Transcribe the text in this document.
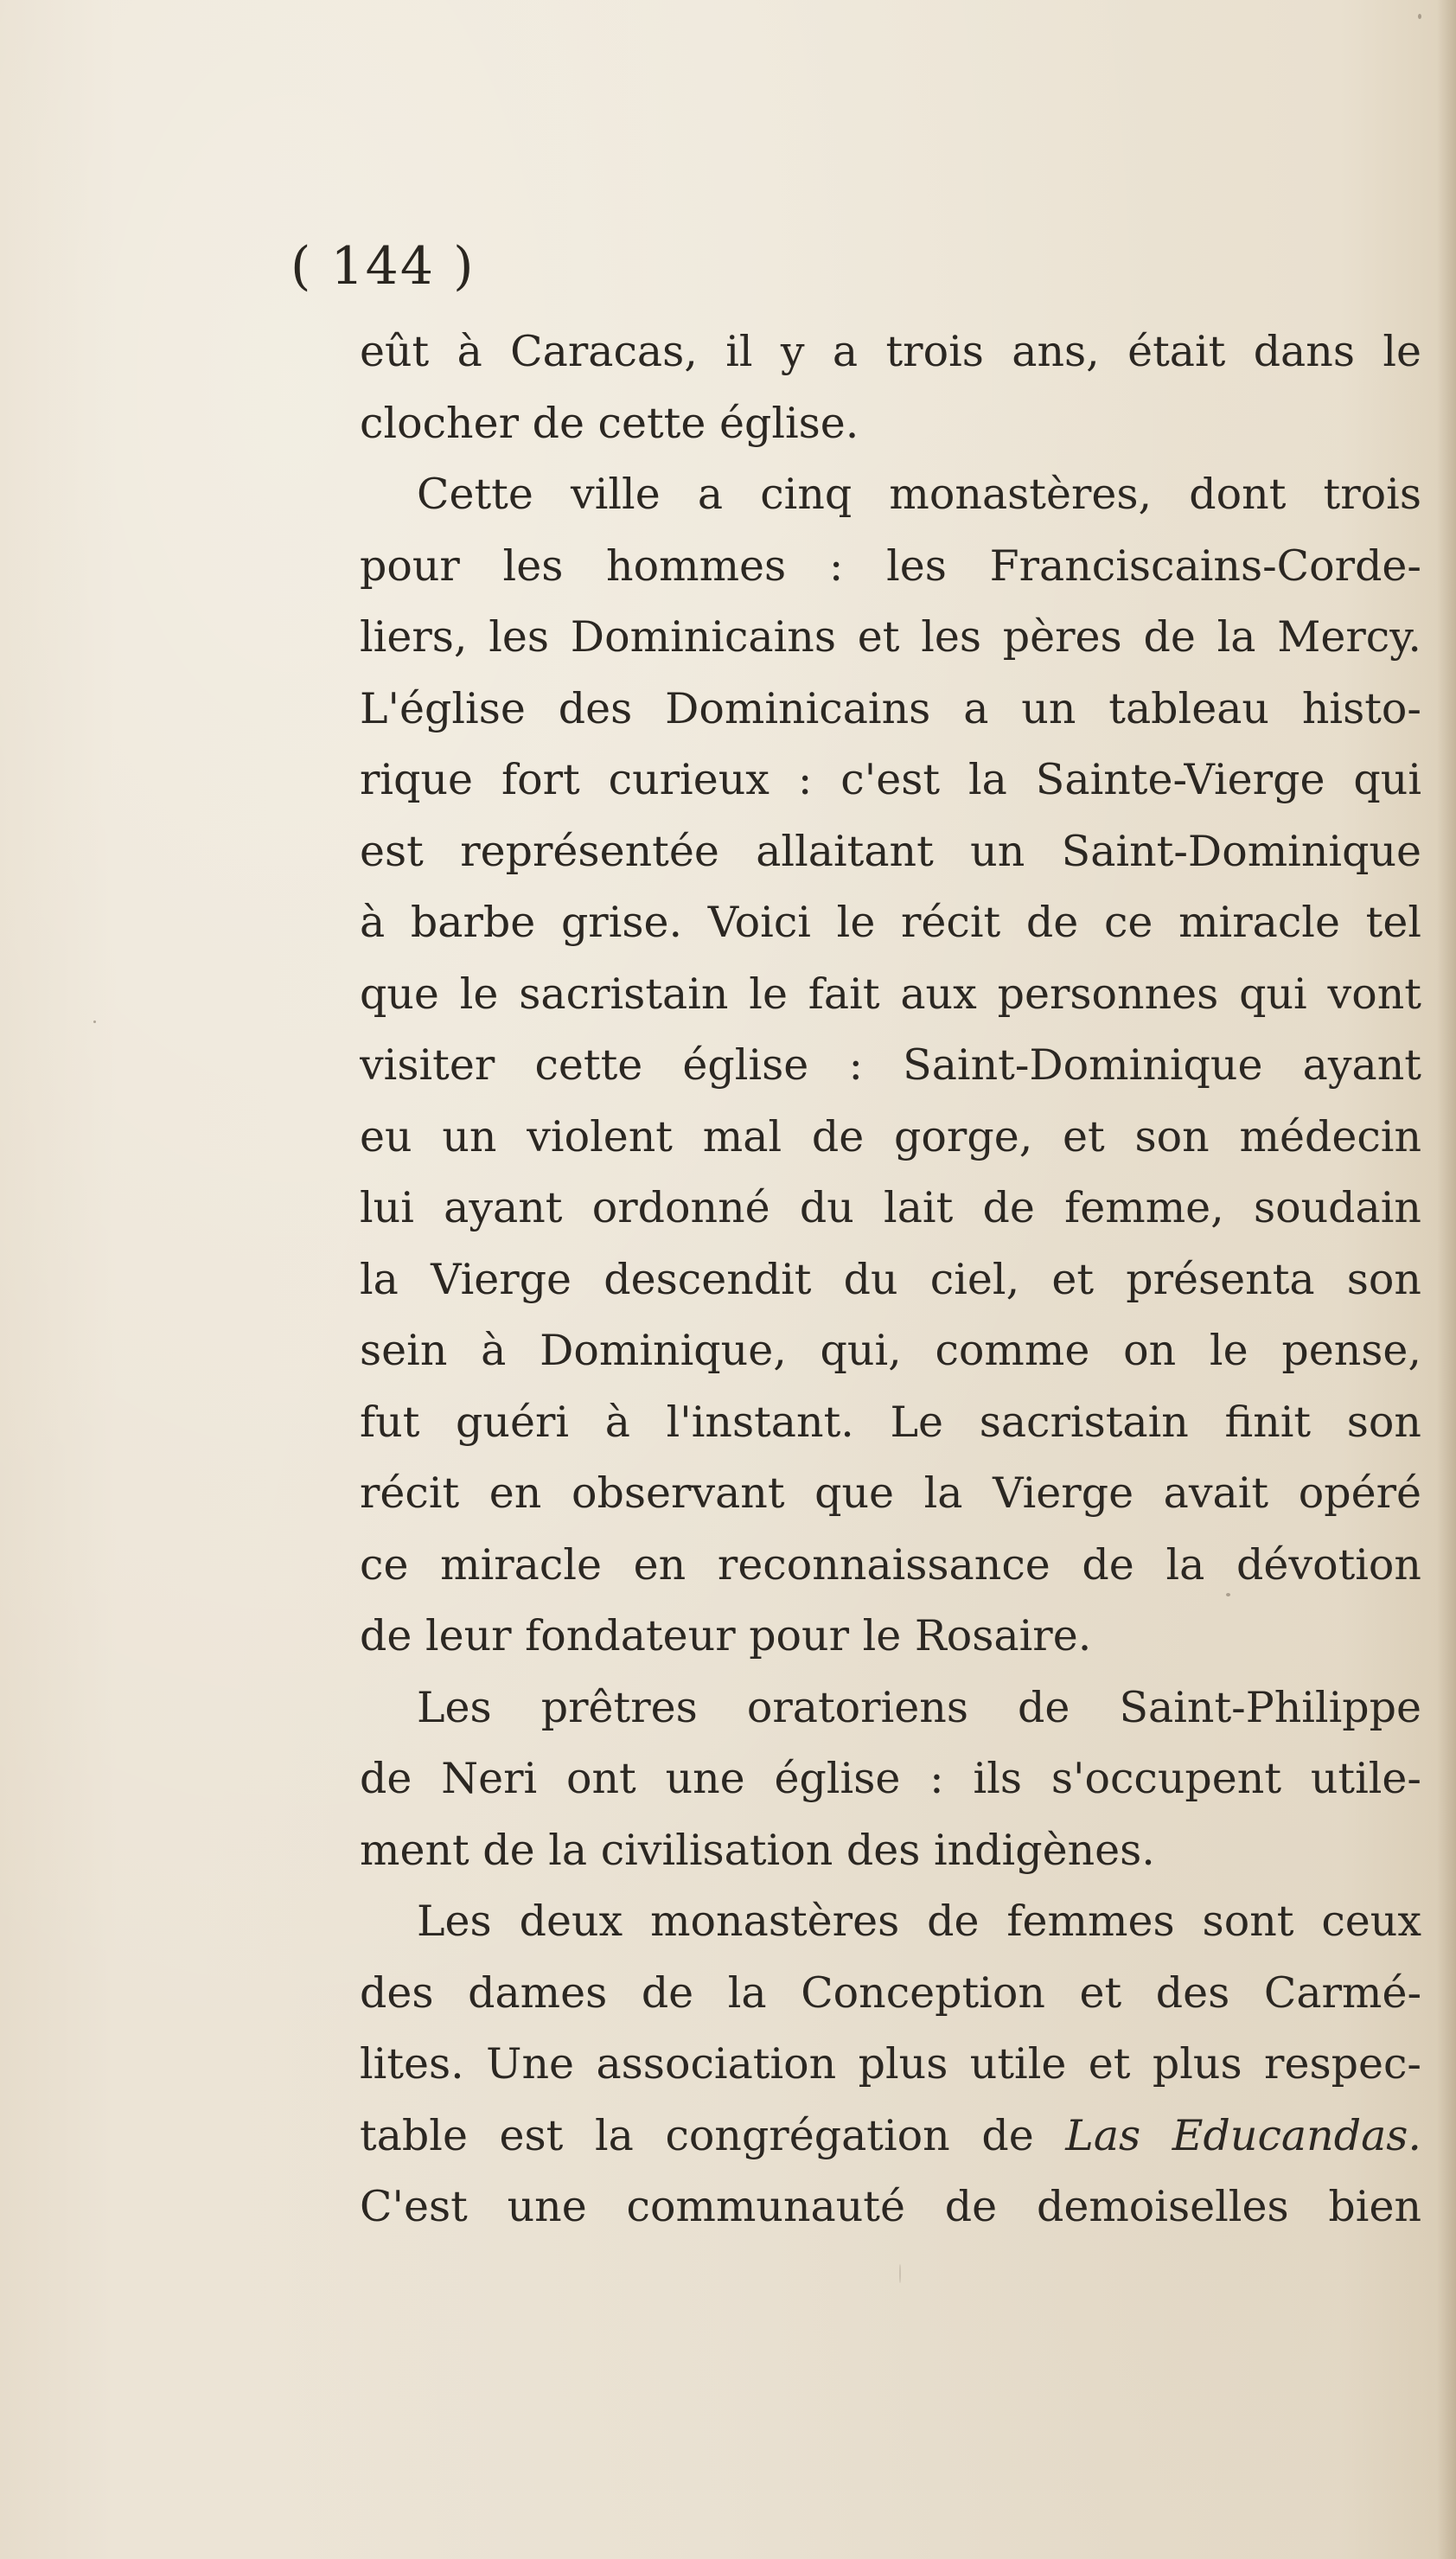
( 144 )
eût à Caracas, il y a trois ans, était dans le
clocher de cette église.
Cette ville a cinq monastères, dont trois
pour les hommes : les Franciscains-Corde-
liers, les Dominicains et les pères de la Mercy.
L'église des Dominicains a un tableau histo-
rique fort curieux : c'est la Sainte-Vierge qui
est représentée allaitant un Saint-Dominique
à barbe grise. Voici le récit de ce miracle tel
que le sacristain le fait aux personnes qui vont
visiter cette église : Saint-Dominique ayant
eu un violent mal de gorge, et son médecin
lui ayant ordonné du lait de femme, soudain
la Vierge descendit du ciel, et présenta son
sein à Dominique, qui, comme on le pense,
fut guéri à l'instant. Le sacristain finit son
récit en observant que la Vierge avait opéré
ce miracle en reconnaissance de la dévotion
de leur fondateur pour le Rosaire.
Les prêtres oratoriens de Saint-Philippe
de Neri ont une église : ils s'occupent utile-
ment de la civilisation des indigènes.
Les deux monastères de femmes sont ceux
des dames de la Conception et des Carmé-
lites. Une association plus utile et plus respec-
table est la congrégation de Las Educandas.
C'est une communauté de demoiselles bien
